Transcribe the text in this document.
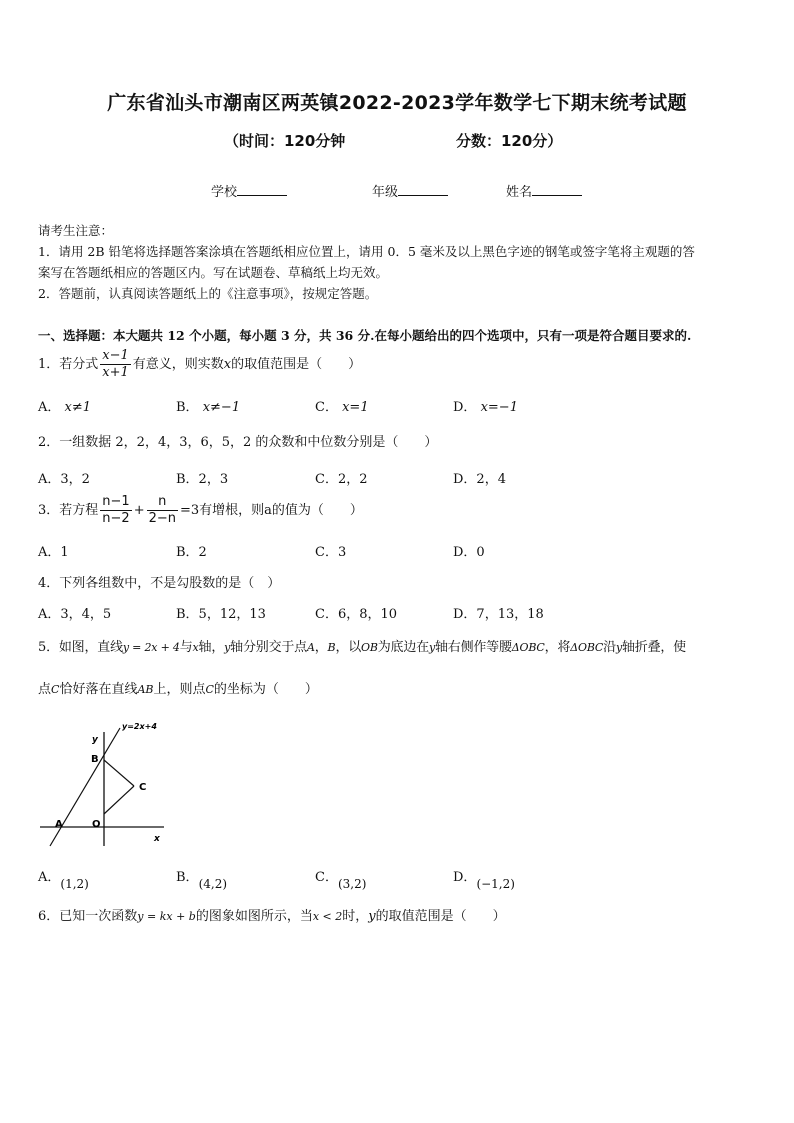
广东省汕头市潮南区两英镇2022-2023学年数学七下期末统考试题
（时间：120分钟	分数：120分）
学校	年级	姓名
请考生注意：
1．请用 2B 铅笔将选择题答案涂填在答题纸相应位置上，请用 0．5 毫米及以上黑色字迹的钢笔或签字笔将主观题的答
案写在答题纸相应的答题区内。写在试题卷、草稿纸上均无效。
2．答题前，认真阅读答题纸上的《注意事项》，按规定答题。
一、选择题：本大题共 12 个小题，每小题 3 分，共 36 分.在每小题给出的四个选项中，只有一项是符合题目要求的.
1．若分式 $\frac{x-1}{x+1}$ 有意义，则实数x的取值范围是（　　）
A． x≠1	B． x≠−1	C． x=1	D． x=−1
2．一组数据 2，2，4，3，6，5，2 的众数和中位数分别是（　　）
A．3，2	B．2，3	C．2，2	D．2，4
3．若方程 $\frac{n-1}{n-2} + \frac{n}{2-n} =3$有增根，则a的值为（　　）
A．1	B．2	C．3	D．0
4．下列各组数中，不是勾股数的是（　）
A．3，4，5	B．5，12，13	C．6，8，10	D．7，13，18
5．如图，直线y = 2x + 4与x轴，y轴分别交于点A，B，以OB为底边在y轴右侧作等腰ΔOBC，将ΔOBC沿y轴折叠，使
点C恰好落在直线AB上，则点C的坐标为（　　）
y=2x+4
y
x
B
C
A	O
A．(1,2)	B．(4,2)	C．(3,2)	D．(−1,2)
6．已知一次函数y = kx + b的图象如图所示，当x < 2时，y的取值范围是（　　）
